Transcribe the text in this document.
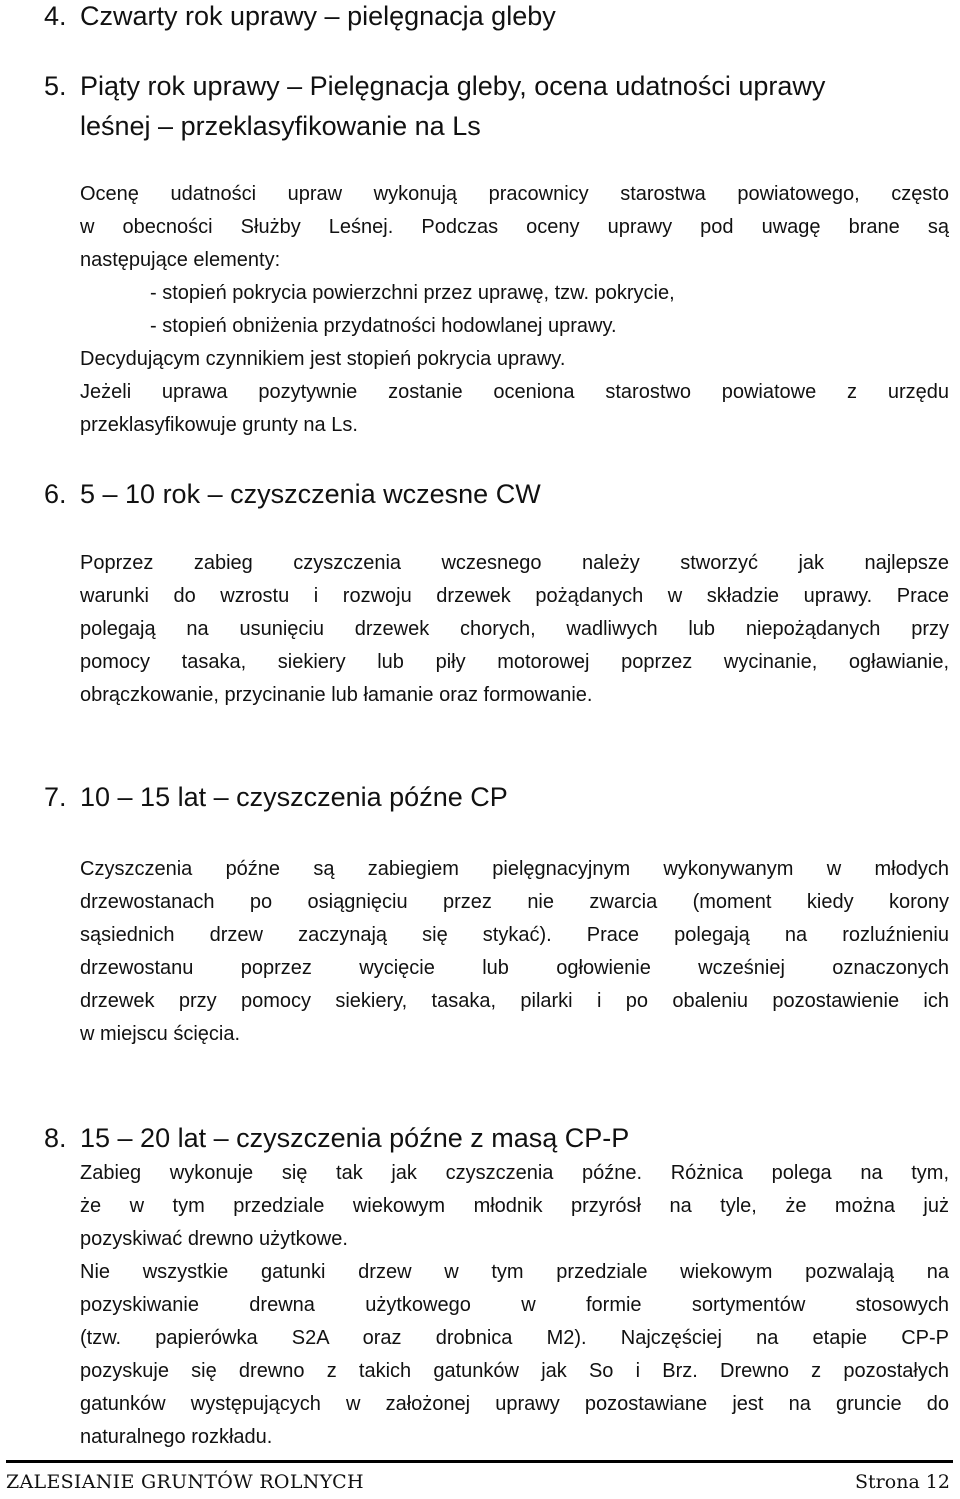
4. Czwarty rok uprawy – pielęgnacja gleby
5. Piąty rok uprawy – Pielęgnacja gleby, ocena udatności uprawy
leśnej – przeklasyfikowanie na Ls
Ocenę udatności upraw wykonują pracownicy starostwa powiatowego, często
w obecności Służby Leśnej. Podczas oceny uprawy pod uwagę brane są
następujące elementy:
- stopień pokrycia powierzchni przez uprawę, tzw. pokrycie,
- stopień obniżenia przydatności hodowlanej uprawy.
Decydującym czynnikiem jest stopień pokrycia uprawy.
Jeżeli uprawa pozytywnie zostanie oceniona starostwo powiatowe z urzędu
przeklasyfikowuje grunty na Ls.
6. 5 – 10 rok – czyszczenia wczesne CW
Poprzez zabieg czyszczenia wczesnego należy stworzyć jak najlepsze
warunki do wzrostu i rozwoju drzewek pożądanych w składzie uprawy. Prace
polegają na usunięciu drzewek chorych, wadliwych lub niepożądanych przy
pomocy tasaka, siekiery lub piły motorowej poprzez wycinanie, ogławianie,
obrączkowanie, przycinanie lub łamanie oraz formowanie.
7. 10 – 15 lat – czyszczenia późne CP
Czyszczenia późne są zabiegiem pielęgnacyjnym wykonywanym w młodych
drzewostanach po osiągnięciu przez nie zwarcia (moment kiedy korony
sąsiednich drzew zaczynają się stykać). Prace polegają na rozluźnieniu
drzewostanu poprzez wycięcie lub ogłowienie wcześniej oznaczonych
drzewek przy pomocy siekiery, tasaka, pilarki i po obaleniu pozostawienie ich
w miejscu ścięcia.
8. 15 – 20 lat – czyszczenia późne z masą CP-P
Zabieg wykonuje się tak jak czyszczenia późne. Różnica polega na tym,
że w tym przedziale wiekowym młodnik przyrósł na tyle, że można już
pozyskiwać drewno użytkowe.
Nie wszystkie gatunki drzew w tym przedziale wiekowym pozwalają na
pozyskiwanie drewna użytkowego w formie sortymentów stosowych
(tzw. papierówka S2A oraz drobnica M2). Najczęściej na etapie CP-P
pozyskuje się drewno z takich gatunków jak So i Brz. Drewno z pozostałych
gatunków występujących w założonej uprawy pozostawiane jest na gruncie do
naturalnego rozkładu.
ZALESIANIE GRUNTÓW ROLNYCH	Strona 12
